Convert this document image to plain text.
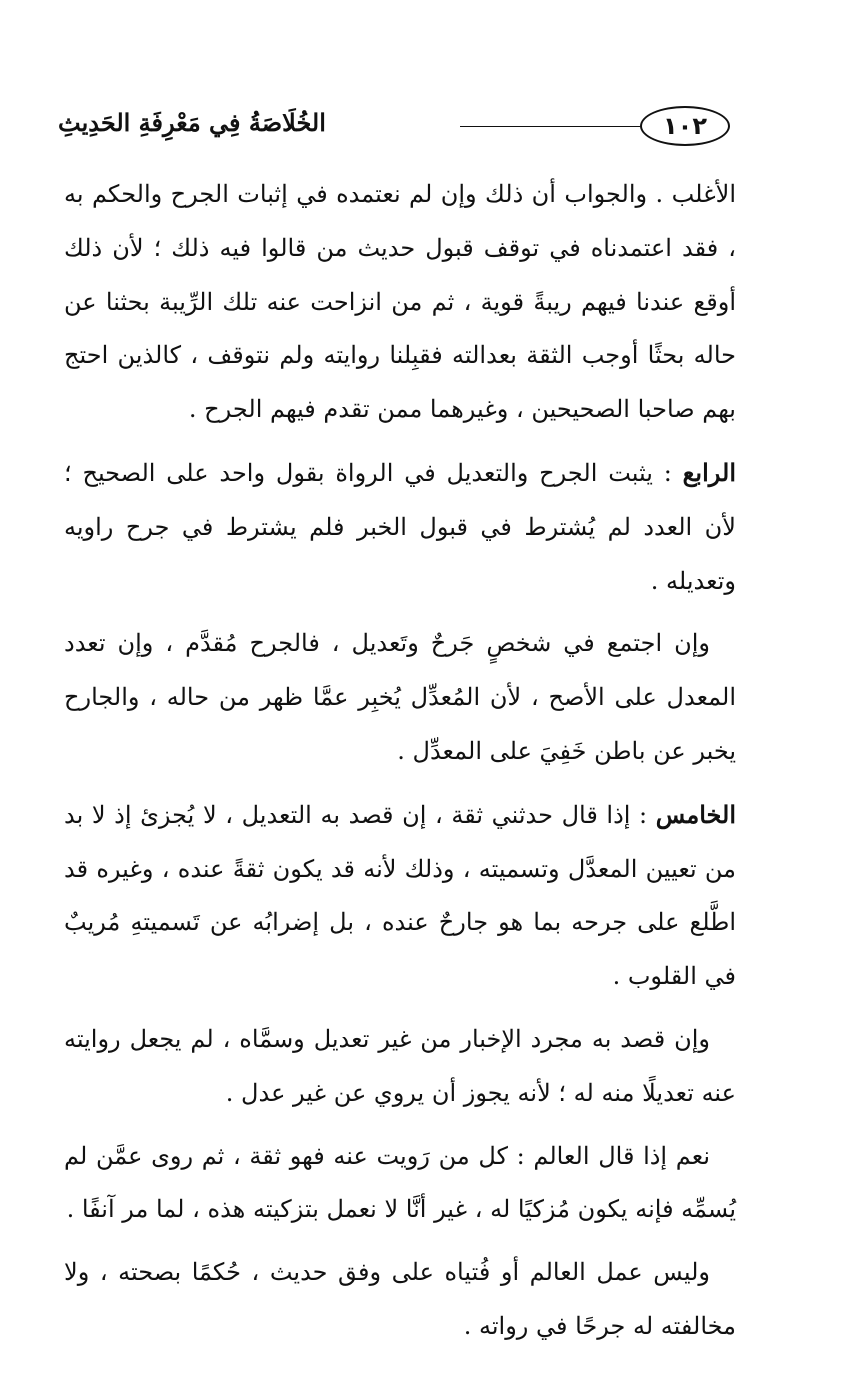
١٠٢
الخُلَاصَةُ فِي مَعْرِفَةِ الحَدِيثِ

الأغلب . والجواب أن ذلك وإن لم نعتمده في إثبات الجرح والحكم به ، فقد اعتمدناه في توقف قبول حديث من قالوا فيه ذلك ؛ لأن ذلك أوقع عندنا فيهم ريبةً قوية ، ثم من انزاحت عنه تلك الرِّيبة بحثنا عن حاله بحثًا أوجب الثقة بعدالته فقبِلنا روايته ولم نتوقف ، كالذين احتج بهم صاحبا الصحيحين ، وغيرهما ممن تقدم فيهم الجرح .

الرابع : يثبت الجرح والتعديل في الرواة بقول واحد على الصحيح ؛ لأن العدد لم يُشترط في قبول الخبر فلم يشترط في جرح راويه وتعديله .

وإن اجتمع في شخصٍ جَرحٌ وتَعديل ، فالجرح مُقدَّم ، وإن تعدد المعدل على الأصح ، لأن المُعدِّل يُخبِر عمَّا ظهر من حاله ، والجارح يخبر عن باطن خَفِيَ على المعدِّل .

الخامس : إذا قال حدثني ثقة ، إن قصد به التعديل ، لا يُجزئ إذ لا بد من تعيين المعدَّل وتسميته ، وذلك لأنه قد يكون ثقةً عنده ، وغيره قد اطَّلع على جرحه بما هو جارحٌ عنده ، بل إضرابُه عن تَسميتهِ مُريبٌ في القلوب .

وإن قصد به مجرد الإخبار من غير تعديل وسمَّاه ، لم يجعل روايته عنه تعديلًا منه له ؛ لأنه يجوز أن يروي عن غير عدل .

نعم إذا قال العالم : كل من رَويت عنه فهو ثقة ، ثم روى عمَّن لم يُسمِّه فإنه يكون مُزكيًا له ، غير أنَّا لا نعمل بتزكيته هذه ، لما مر آنفًا .

وليس عمل العالم أو فُتياه على وفق حديث ، حُكمًا بصحته ، ولا مخالفته له جرحًا في رواته .
